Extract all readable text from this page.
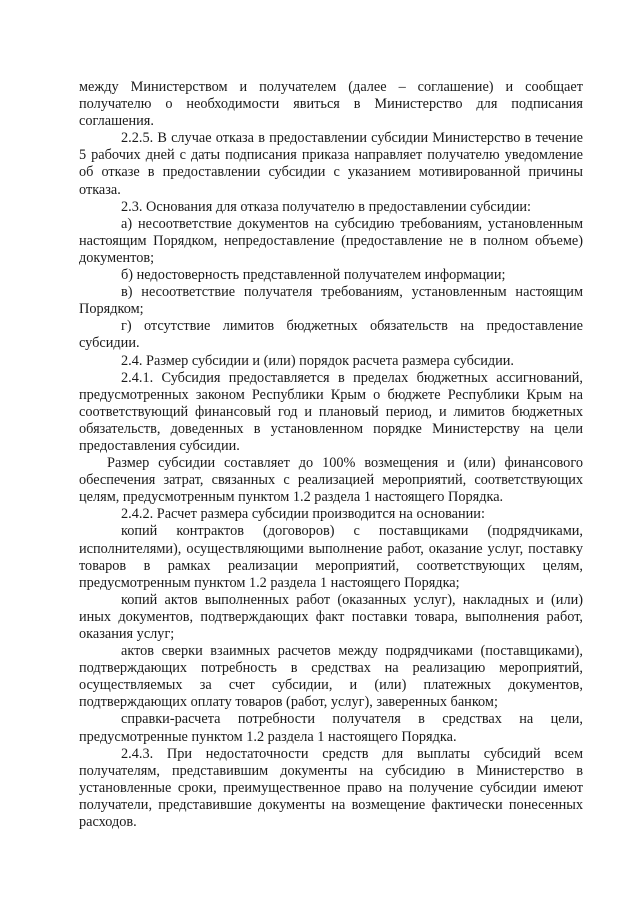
между Министерством и получателем (далее – соглашение) и сообщает получателю о необходимости явиться в Министерство для подписания соглашения.

2.2.5. В случае отказа в предоставлении субсидии Министерство в течение 5 рабочих дней с даты подписания приказа направляет получателю уведомление об отказе в предоставлении субсидии с указанием мотивированной причины отказа.

2.3. Основания для отказа получателю в предоставлении субсидии:

а) несоответствие документов на субсидию требованиям, установленным настоящим Порядком, непредоставление (предоставление не в полном объеме) документов;

б) недостоверность представленной получателем информации;

в) несоответствие получателя требованиям, установленным настоящим Порядком;

г) отсутствие лимитов бюджетных обязательств на предоставление субсидии.

2.4. Размер субсидии и (или) порядок расчета размера субсидии.

2.4.1. Субсидия предоставляется в пределах бюджетных ассигнований, предусмотренных законом Республики Крым о бюджете Республики Крым на соответствующий финансовый год и плановый период, и лимитов бюджетных обязательств, доведенных в установленном порядке Министерству на цели предоставления субсидии.

Размер субсидии составляет до 100% возмещения и (или) финансового обеспечения затрат, связанных с реализацией мероприятий, соответствующих целям, предусмотренным пунктом 1.2 раздела 1 настоящего Порядка.

2.4.2. Расчет размера субсидии производится на основании:

копий контрактов (договоров) с поставщиками (подрядчиками, исполнителями), осуществляющими выполнение работ, оказание услуг, поставку товаров в рамках реализации мероприятий, соответствующих целям, предусмотренным пунктом 1.2 раздела 1 настоящего Порядка;

копий актов выполненных работ (оказанных услуг), накладных и (или) иных документов, подтверждающих факт поставки товара, выполнения работ, оказания услуг;

актов сверки взаимных расчетов между подрядчиками (поставщиками), подтверждающих потребность в средствах на реализацию мероприятий, осуществляемых за счет субсидии, и (или) платежных документов, подтверждающих оплату товаров (работ, услуг), заверенных банком;

справки-расчета потребности получателя в средствах на цели, предусмотренные пунктом 1.2 раздела 1 настоящего Порядка.

2.4.3. При недостаточности средств для выплаты субсидий всем получателям, представившим документы на субсидию в Министерство в установленные сроки, преимущественное право на получение субсидии имеют получатели, представившие документы на возмещение фактически понесенных расходов.
